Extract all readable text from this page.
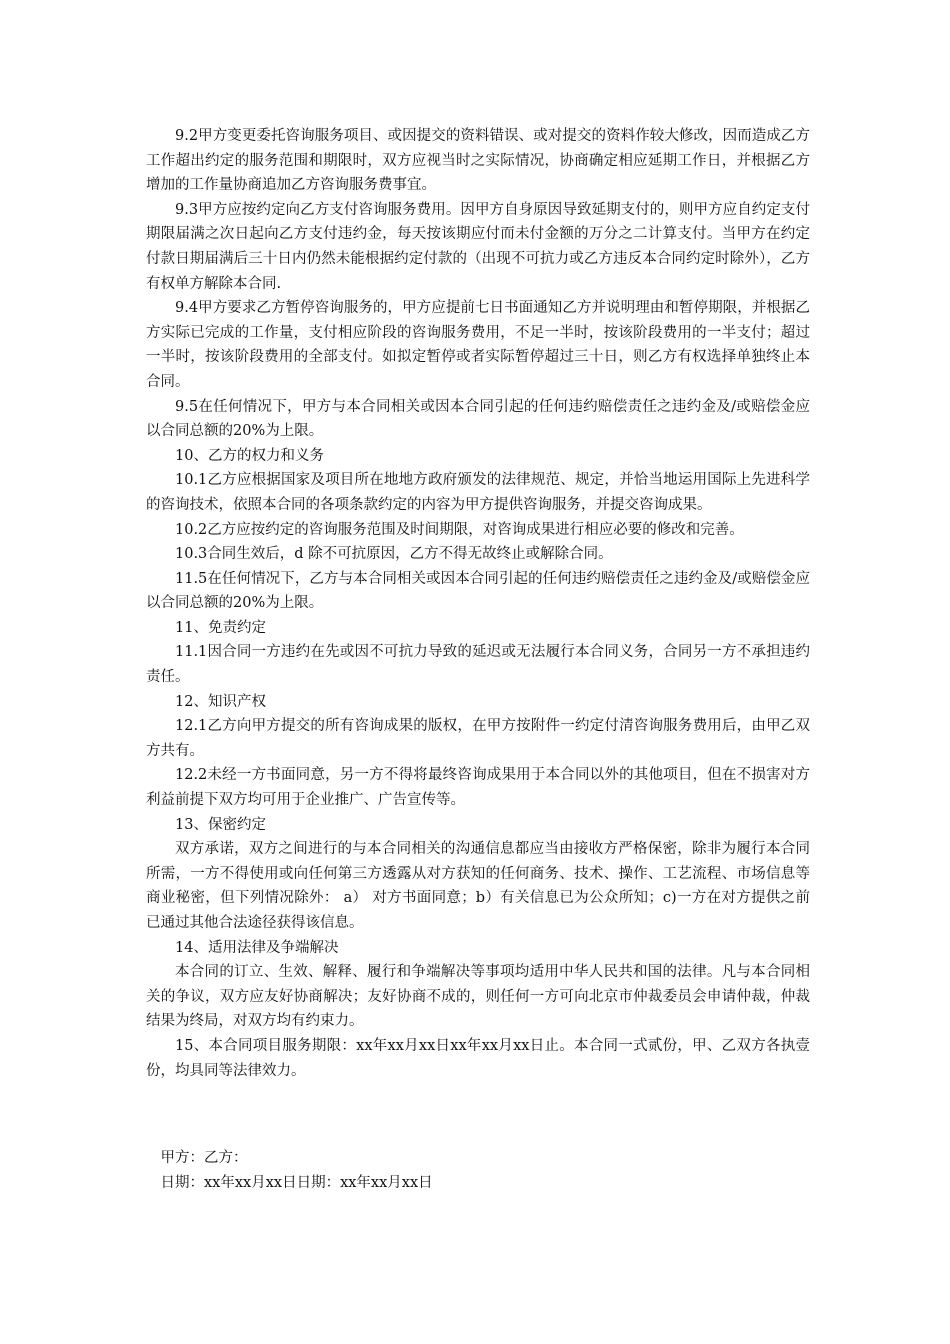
9.2甲方变更委托咨询服务项目、或因提交的资料错误、或对提交的资料作较大修改，因而造成乙方工作超出约定的服务范围和期限时，双方应视当时之实际情况，协商确定相应延期工作日，并根据乙方增加的工作量协商追加乙方咨询服务费事宜。

9.3甲方应按约定向乙方支付咨询服务费用。因甲方自身原因导致延期支付的，则甲方应自约定支付期限届满之次日起向乙方支付违约金，每天按该期应付而未付金额的万分之二计算支付。当甲方在约定付款日期届满后三十日内仍然未能根据约定付款的（出现不可抗力或乙方违反本合同约定时除外），乙方有权单方解除本合同.

9.4甲方要求乙方暂停咨询服务的，甲方应提前七日书面通知乙方并说明理由和暂停期限，并根据乙方实际已完成的工作量，支付相应阶段的咨询服务费用，不足一半时，按该阶段费用的一半支付；超过一半时，按该阶段费用的全部支付。如拟定暂停或者实际暂停超过三十日，则乙方有权选择单独终止本合同。

9.5在任何情况下，甲方与本合同相关或因本合同引起的任何违约赔偿责任之违约金及/或赔偿金应以合同总额的20%为上限。

10、乙方的权力和义务

10.1乙方应根据国家及项目所在地地方政府颁发的法律规范、规定，并恰当地运用国际上先进科学的咨询技术，依照本合同的各项条款约定的内容为甲方提供咨询服务，并提交咨询成果。

10.2乙方应按约定的咨询服务范围及时间期限，对咨询成果进行相应必要的修改和完善。

10.3合同生效后，d 除不可抗原因，乙方不得无故终止或解除合同。

11.5在任何情况下，乙方与本合同相关或因本合同引起的任何违约赔偿责任之违约金及/或赔偿金应以合同总额的20%为上限。

11、免责约定

11.1因合同一方违约在先或因不可抗力导致的延迟或无法履行本合同义务，合同另一方不承担违约责任。

12、知识产权

12.1乙方向甲方提交的所有咨询成果的版权，在甲方按附件一约定付清咨询服务费用后，由甲乙双方共有。

12.2未经一方书面同意，另一方不得将最终咨询成果用于本合同以外的其他项目，但在不损害对方利益前提下双方均可用于企业推广、广告宣传等。

13、保密约定

双方承诺，双方之间进行的与本合同相关的沟通信息都应当由接收方严格保密，除非为履行本合同所需，一方不得使用或向任何第三方透露从对方获知的任何商务、技术、操作、工艺流程、市场信息等商业秘密，但下列情况除外： a） 对方书面同意；b）有关信息已为公众所知；c)一方在对方提供之前已通过其他合法途径获得该信息。

14、适用法律及争端解决

本合同的订立、生效、解释、履行和争端解决等事项均适用中华人民共和国的法律。凡与本合同相关的争议，双方应友好协商解决；友好协商不成的，则任何一方可向北京市仲裁委员会申请仲裁，仲裁结果为终局，对双方均有约束力。

15、本合同项目服务期限：xx年xx月xx日xx年xx月xx日止。本合同一式贰份，甲、乙双方各执壹份，均具同等法律效力。

甲方：乙方：

日期：xx年xx月xx日日期：xx年xx月xx日
